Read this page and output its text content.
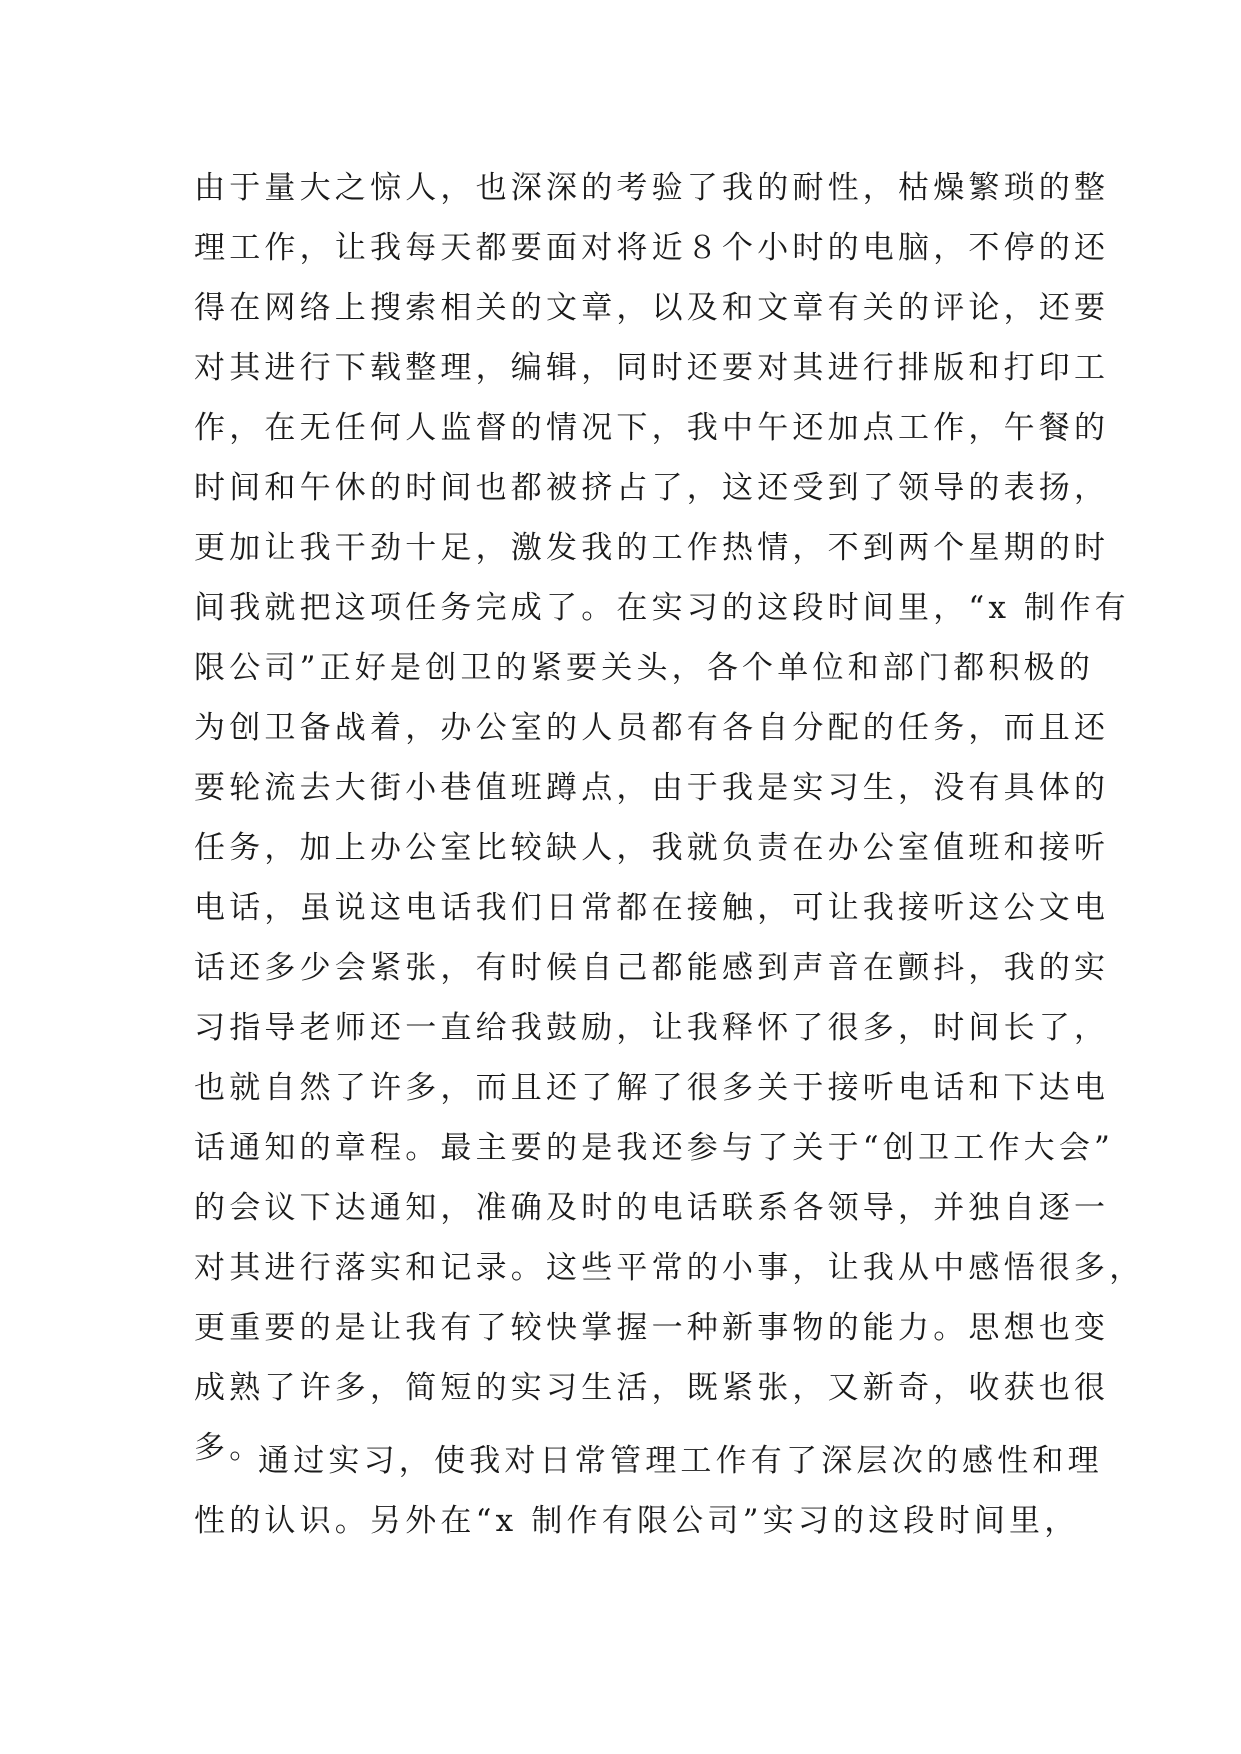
由于量大之惊人，也深深的考验了我的耐性，枯燥繁琐的整
理工作，让我每天都要面对将近８个小时的电脑，不停的还
得在网络上搜索相关的文章，以及和文章有关的评论，还要
对其进行下载整理，编辑，同时还要对其进行排版和打印工
作，在无任何人监督的情况下，我中午还加点工作，午餐的
时间和午休的时间也都被挤占了，这还受到了领导的表扬，
更加让我干劲十足，激发我的工作热情，不到两个星期的时
间我就把这项任务完成了。在实习的这段时间里，“x 制作有
限公司”正好是创卫的紧要关头，各个单位和部门都积极的
为创卫备战着，办公室的人员都有各自分配的任务，而且还
要轮流去大街小巷值班蹲点，由于我是实习生，没有具体的
任务，加上办公室比较缺人，我就负责在办公室值班和接听
电话，虽说这电话我们日常都在接触，可让我接听这公文电
话还多少会紧张，有时候自己都能感到声音在颤抖，我的实
习指导老师还一直给我鼓励，让我释怀了很多，时间长了，
也就自然了许多，而且还了解了很多关于接听电话和下达电
话通知的章程。最主要的是我还参与了关于“创卫工作大会”
的会议下达通知，准确及时的电话联系各领导，并独自逐一
对其进行落实和记录。这些平常的小事，让我从中感悟很多，
更重要的是让我有了较快掌握一种新事物的能力。思想也变
成熟了许多，简短的实习生活，既紧张，又新奇，收获也很
多。
通过实习，使我对日常管理工作有了深层次的感性和理
性的认识。另外在“x 制作有限公司”实习的这段时间里，
